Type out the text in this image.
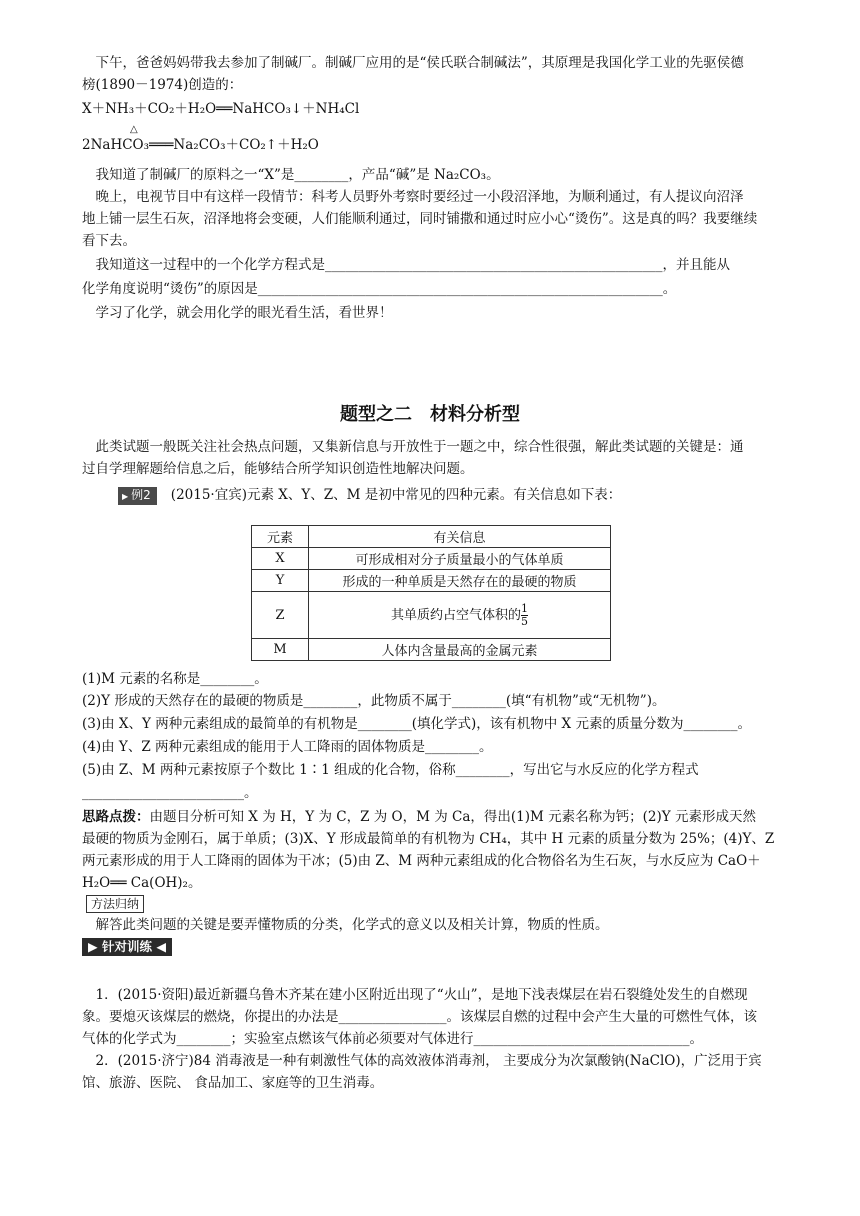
　下午，爸爸妈妈带我去参加了制碱厂。制碱厂应用的是“侯氏联合制碱法”，其原理是我国化学工业的先驱侯德
榜(1890－1974)创造的：
X＋NH₃＋CO₂＋H₂O══NaHCO₃↓＋NH₄Cl
△
2NaHCO₃═══Na₂CO₃＋CO₂↑＋H₂O
　我知道了制碱厂的原料之一“X”是________，产品“碱”是 Na₂CO₃。
　晚上，电视节目中有这样一段情节：科考人员野外考察时要经过一小段沼泽地，为顺利通过，有人提议向沼泽
地上铺一层生石灰，沼泽地将会变硬，人们能顺利通过，同时铺撒和通过时应小心“烫伤”。这是真的吗？我要继续
看下去。
　我知道这一过程中的一个化学方程式是__________________________________________________，并且能从
化学角度说明“烫伤”的原因是____________________________________________________________。
　学习了化学，就会用化学的眼光看生活，看世界！
题型之二　材料分析型
　此类试题一般既关注社会热点问题，又集新信息与开放性于一题之中，综合性很强，解此类试题的关键是：通
过自学理解题给信息之后，能够结合所学知识创造性地解决问题。
▶ 例2 (2015·宜宾)元素 X、Y、Z、M 是初中常见的四种元素。有关信息如下表：
元素	有关信息
X	可形成相对分子质量最小的气体单质
Y	形成的一种单质是天然存在的最硬的物质
Z	其单质约占空气体积的 $\frac{1}{5}$

M	人体内含量最高的金属元素
(1)M 元素的名称是________。
(2)Y 形成的天然存在的最硬的物质是________，此物质不属于________(填“有机物”或“无机物”)。
(3)由 X、Y 两种元素组成的最简单的有机物是________(填化学式)，该有机物中 X 元素的质量分数为________。
(4)由 Y、Z 两种元素组成的能用于人工降雨的固体物质是________。
(5)由 Z、M 两种元素按原子个数比 1∶1 组成的化合物，俗称________，写出它与水反应的化学方程式
________________________。
思路点拨：由题目分析可知 X 为 H，Y 为 C，Z 为 O，M 为 Ca，得出(1)M 元素名称为钙；(2)Y 元素形成天然
最硬的物质为金刚石，属于单质；(3)X、Y 形成最简单的有机物为 CH₄，其中 H 元素的质量分数为 25%；(4)Y、Z
两元素形成的用于人工降雨的固体为干冰；(5)由 Z、M 两种元素组成的化合物俗名为生石灰，与水反应为 CaO＋
H₂O══ Ca(OH)₂。
方法归纳
　解答此类问题的关键是要弄懂物质的分类，化学式的意义以及相关计算，物质的性质。
▶ 针对训练 ◀
　1．(2015·资阳)最近新疆乌鲁木齐某在建小区附近出现了“火山”，是地下浅表煤层在岩石裂缝处发生的自燃现
象。要熄灭该煤层的燃烧，你提出的办法是________________。该煤层自燃的过程中会产生大量的可燃性气体，该
气体的化学式为________；实验室点燃该气体前必须要对气体进行________________________________。
　2．(2015·济宁)84 消毒液是一种有刺激性气体的高效液体消毒剂， 主要成分为次氯酸钠(NaClO)，广泛用于宾
馆、旅游、医院、 食品加工、家庭等的卫生消毒。
